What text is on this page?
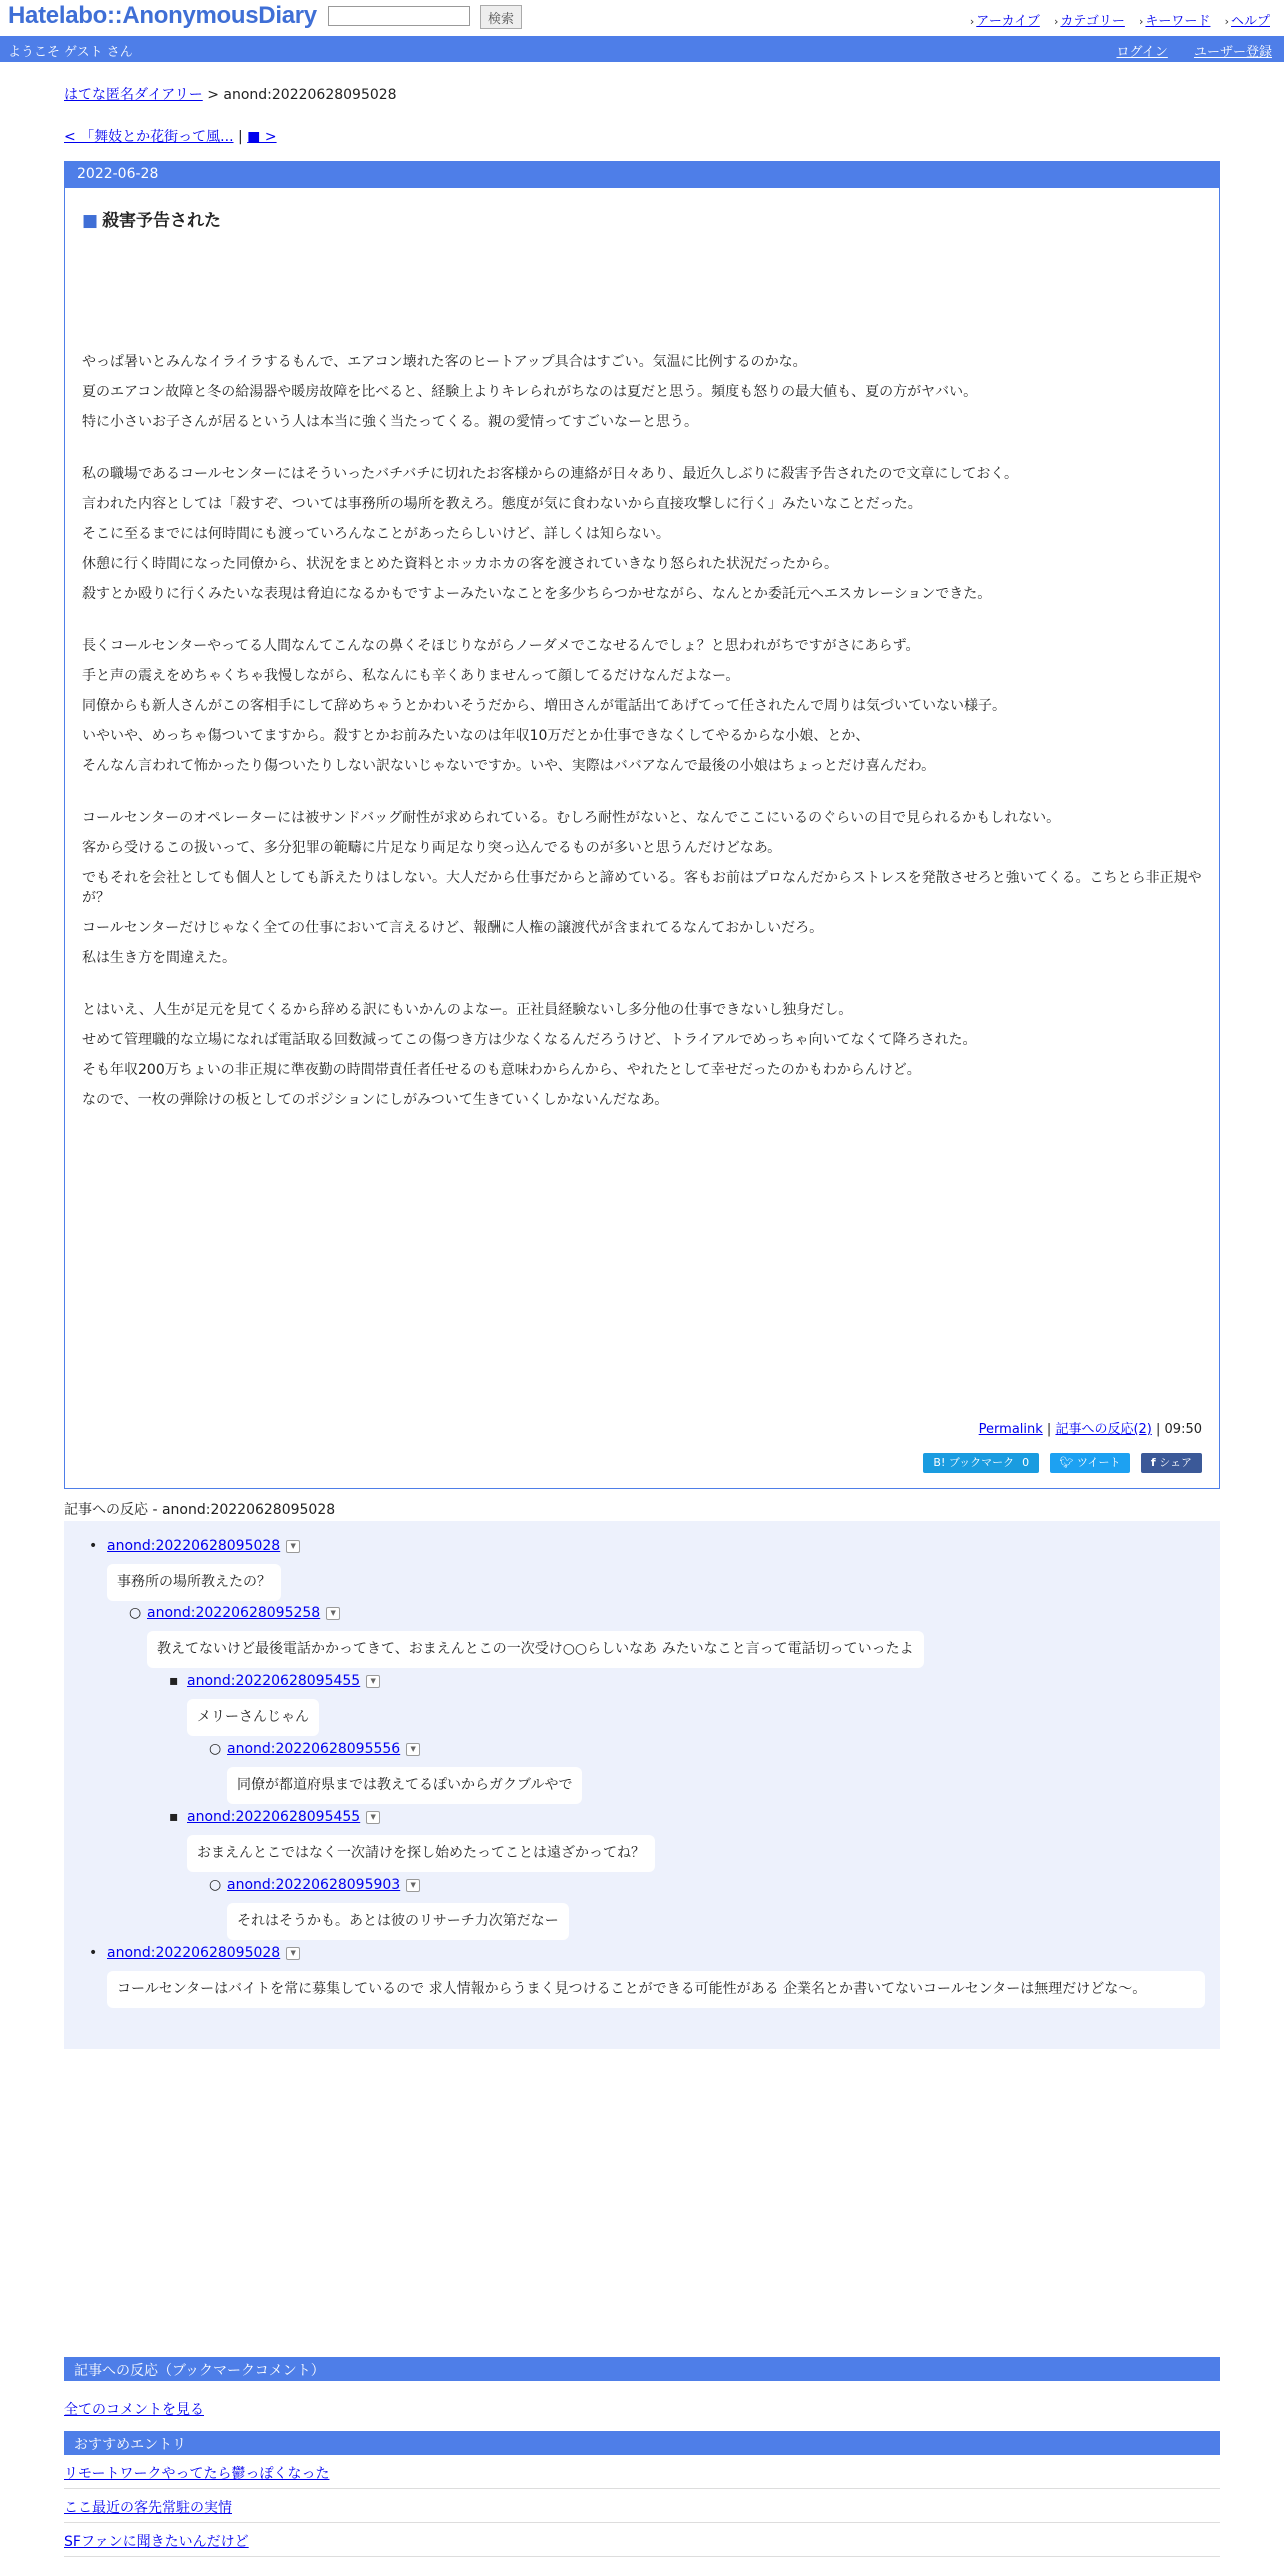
Hatelabo::AnonymousDiary	検索	› アーカイブ › カテゴリー › キーワード › ヘルプ
ようこそ ゲスト さん	ログイン ユーザー登録
はてな匿名ダイアリー > anond:20220628095028
< 「舞妓とか花街って風... | ■ >
2022-06-28
■ 殺害予告された

やっぱ暑いとみんなイライラするもんで、エアコン壊れた客のヒートアップ具合はすごい。気温に比例するのかな。

夏のエアコン故障と冬の給湯器や暖房故障を比べると、経験上よりキレられがちなのは夏だと思う。頻度も怒りの最大値も、夏の方がヤバい。

特に小さいお子さんが居るという人は本当に強く当たってくる。親の愛情ってすごいなーと思う。

私の職場であるコールセンターにはそういったバチバチに切れたお客様からの連絡が日々あり、最近久しぶりに殺害予告されたので文章にしておく。

言われた内容としては「殺すぞ、ついては事務所の場所を教えろ。態度が気に食わないから直接攻撃しに行く」みたいなことだった。

そこに至るまでには何時間にも渡っていろんなことがあったらしいけど、詳しくは知らない。

休憩に行く時間になった同僚から、状況をまとめた資料とホッカホカの客を渡されていきなり怒られた状況だったから。

殺すとか殴りに行くみたいな表現は脅迫になるかもですよーみたいなことを多少ちらつかせながら、なんとか委託元へエスカレーションできた。

長くコールセンターやってる人間なんてこんなの鼻くそほじりながらノーダメでこなせるんでしょ？と思われがちですがさにあらず。

手と声の震えをめちゃくちゃ我慢しながら、私なんにも辛くありませんって顔してるだけなんだよなー。

同僚からも新人さんがこの客相手にして辞めちゃうとかわいそうだから、増田さんが電話出てあげてって任されたんで周りは気づいていない様子。

いやいや、めっちゃ傷ついてますから。殺すとかお前みたいなのは年収10万だとか仕事できなくしてやるからな小娘、とか、

そんなん言われて怖かったり傷ついたりしない訳ないじゃないですか。いや、実際はババアなんで最後の小娘はちょっとだけ喜んだわ。

コールセンターのオペレーターには被サンドバッグ耐性が求められている。むしろ耐性がないと、なんでここにいるのぐらいの目で見られるかもしれない。

客から受けるこの扱いって、多分犯罪の範疇に片足なり両足なり突っ込んでるものが多いと思うんだけどなあ。

でもそれを会社としても個人としても訴えたりはしない。大人だから仕事だからと諦めている。客もお前はプロなんだからストレスを発散させろと強いてくる。こちとら非正規やが？

コールセンターだけじゃなく全ての仕事において言えるけど、報酬に人権の譲渡代が含まれてるなんておかしいだろ。

私は生き方を間違えた。

とはいえ、人生が足元を見てくるから辞める訳にもいかんのよなー。正社員経験ないし多分他の仕事できないし独身だし。

せめて管理職的な立場になれば電話取る回数減ってこの傷つき方は少なくなるんだろうけど、トライアルでめっちゃ向いてなくて降ろされた。

そも年収200万ちょいの非正規に準夜勤の時間帯責任者任せるのも意味わからんから、やれたとして幸せだったのかもわからんけど。

なので、一枚の弾除けの板としてのポジションにしがみついて生きていくしかないんだなあ。

Permalink | 記事への反応(2) | 09:50
B! ブックマーク 0	🐦︎ ツイート	f シェア
記事への反応 - anond:20220628095028
• anond:20220628095028 ▼
事務所の場所教えたの？
○ anond:20220628095258 ▼
教えてないけど最後電話かかってきて、おまえんとこの一次受け○○らしいなあ みたいなこと言って電話切っていったよ
▪ anond:20220628095455 ▼
メリーさんじゃん
○ anond:20220628095556 ▼
同僚が都道府県までは教えてるぽいからガクブルやで
▪ anond:20220628095455 ▼
おまえんとこではなく一次請けを探し始めたってことは遠ざかってね？
○ anond:20220628095903 ▼
それはそうかも。あとは彼のリサーチ力次第だなー
• anond:20220628095028 ▼
コールセンターはバイトを常に募集しているので 求人情報からうまく見つけることができる可能性がある 企業名とか書いてないコールセンターは無理だけどな〜。
記事への反応（ブックマークコメント）
全てのコメントを見る
おすすめエントリ
リモートワークやってたら鬱っぽくなった
ここ最近の客先常駐の実情
SFファンに聞きたいんだけど
